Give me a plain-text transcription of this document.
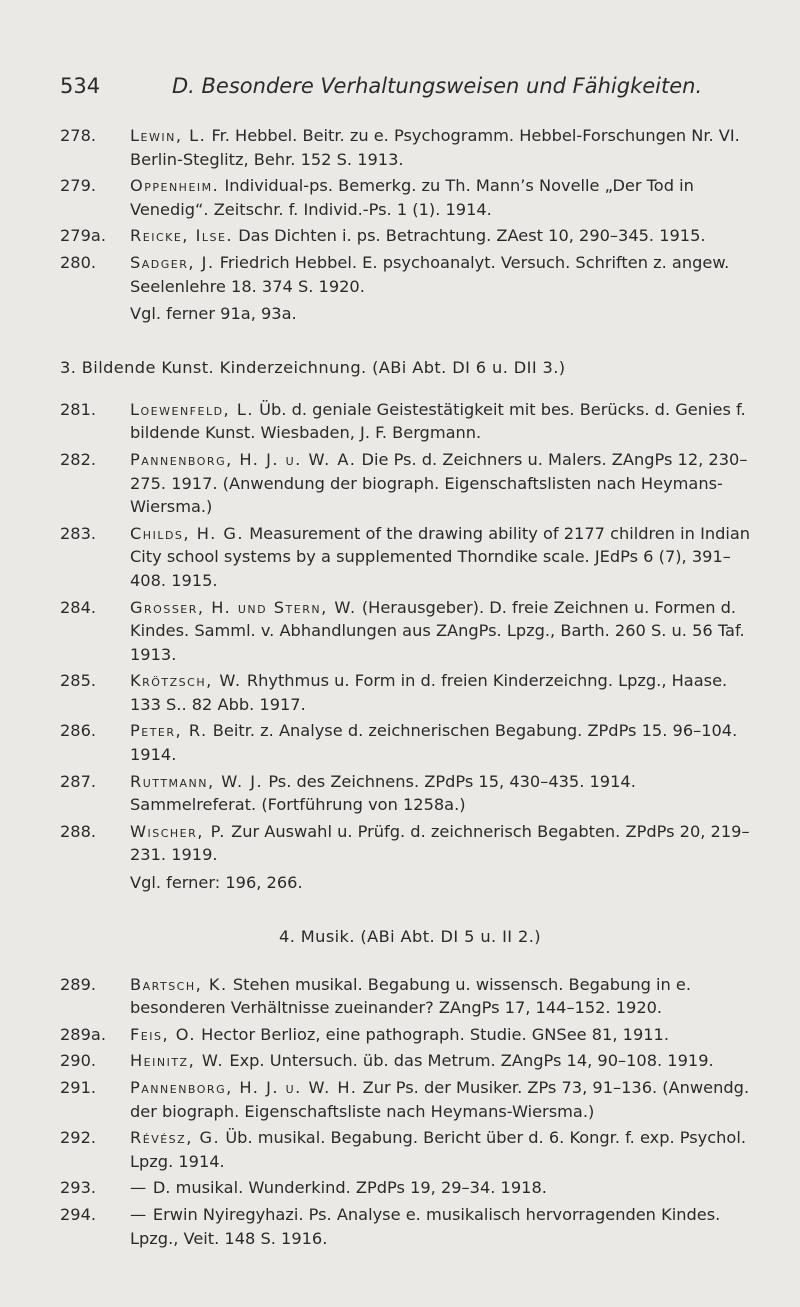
534	D. Besondere Verhaltungsweisen und Fähigkeiten.
278.	Lewin, L. Fr. Hebbel. Beitr. zu e. Psychogramm. Hebbel-Forschungen Nr. VI. Berlin-Steglitz, Behr. 152 S. 1913.
279.	Oppenheim. Individual-ps. Bemerkg. zu Th. Mann’s Novelle „Der Tod in Venedig“. Zeitschr. f. Individ.-Ps. 1 (1). 1914.
279a.	Reicke, Ilse. Das Dichten i. ps. Betrachtung. ZAest 10, 290–345. 1915.
280.	Sadger, J. Friedrich Hebbel. E. psychoanalyt. Versuch. Schriften z. angew. Seelenlehre 18. 374 S. 1920.
Vgl. ferner 91a, 93a.
3. Bildende Kunst. Kinderzeichnung. (ABi Abt. DI 6 u. DII 3.)
281.	Loewenfeld, L. Üb. d. geniale Geistestätigkeit mit bes. Berücks. d. Genies f. bildende Kunst. Wiesbaden, J. F. Bergmann.
282.	Pannenborg, H. J. u. W. A. Die Ps. d. Zeichners u. Malers. ZAngPs 12, 230–275. 1917. (Anwendung der biograph. Eigenschaftslisten nach Heymans-Wiersma.)
283.	Childs, H. G. Measurement of the drawing ability of 2177 children in Indian City school systems by a supplemented Thorndike scale. JEdPs 6 (7), 391–408. 1915.
284.	Grosser, H. und Stern, W. (Herausgeber). D. freie Zeichnen u. Formen d. Kindes. Samml. v. Abhandlungen aus ZAngPs. Lpzg., Barth. 260 S. u. 56 Taf. 1913.
285.	Krötzsch, W. Rhythmus u. Form in d. freien Kinderzeichng. Lpzg., Haase. 133 S.. 82 Abb. 1917.
286.	Peter, R. Beitr. z. Analyse d. zeichnerischen Begabung. ZPdPs 15. 96–104. 1914.
287.	Ruttmann, W. J. Ps. des Zeichnens. ZPdPs 15, 430–435. 1914. Sammelreferat. (Fortführung von 1258a.)
288.	Wischer, P. Zur Auswahl u. Prüfg. d. zeichnerisch Begabten. ZPdPs 20, 219–231. 1919.
Vgl. ferner: 196, 266.
4. Musik. (ABi Abt. DI 5 u. II 2.)
289.	Bartsch, K. Stehen musikal. Begabung u. wissensch. Begabung in e. besonderen Verhältnisse zueinander? ZAngPs 17, 144–152. 1920.
289a.	Feis, O. Hector Berlioz, eine pathograph. Studie. GNSee 81, 1911.
290.	Heinitz, W. Exp. Untersuch. üb. das Metrum. ZAngPs 14, 90–108. 1919.
291.	Pannenborg, H. J. u. W. H. Zur Ps. der Musiker. ZPs 73, 91–136. (Anwendg. der biograph. Eigenschaftsliste nach Heymans-Wiersma.)
292.	Révész, G. Üb. musikal. Begabung. Bericht über d. 6. Kongr. f. exp. Psychol. Lpzg. 1914.
293.	— D. musikal. Wunderkind. ZPdPs 19, 29–34. 1918.
294.	— Erwin Nyiregyhazi. Ps. Analyse e. musikalisch hervorragenden Kindes. Lpzg., Veit. 148 S. 1916.
